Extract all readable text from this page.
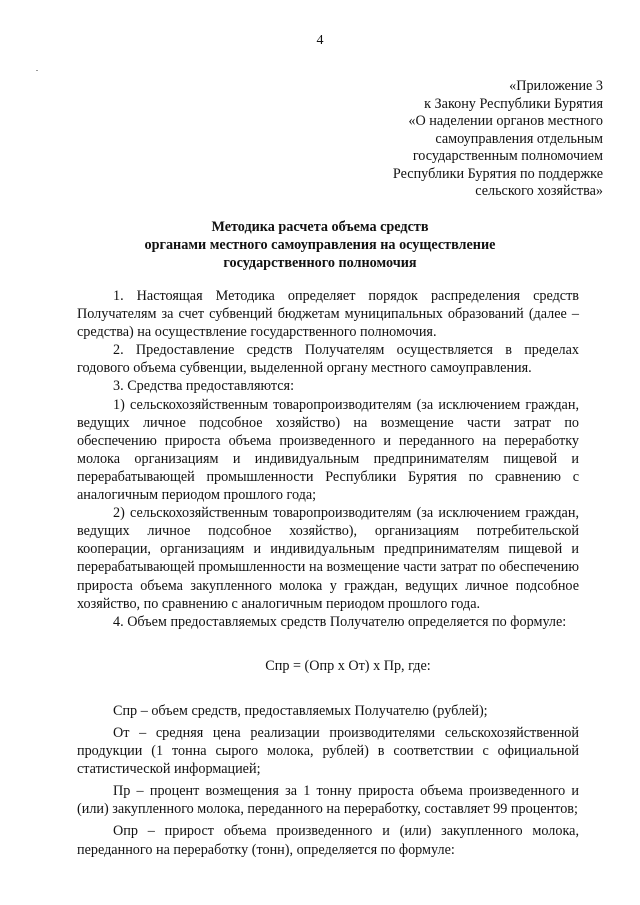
4
«Приложение 3
к Закону Республики Бурятия
«О наделении органов местного
самоуправления отдельным
государственным полномочием
Республики Бурятия по поддержке
сельского хозяйства»
Методика расчета объема средств
органами местного самоуправления на осуществление
государственного полномочия

1. Настоящая Методика определяет порядок распределения средств Получателям за счет субвенций бюджетам муниципальных образований (далее – средства) на осуществление государственного полномочия.

2. Предоставление средств Получателям осуществляется в пределах годового объема субвенции, выделенной органу местного самоуправления.

3. Средства предоставляются:

1) сельскохозяйственным товаропроизводителям (за исключением граждан, ведущих личное подсобное хозяйство) на возмещение части затрат по обеспечению прироста объема произведенного и переданного на переработку молока организациям и индивидуальным предпринимателям пищевой и перерабатывающей промышленности Республики Бурятия по сравнению с аналогичным периодом прошлого года;

2) сельскохозяйственным товаропроизводителям (за исключением граждан, ведущих личное подсобное хозяйство), организациям потребительской кооперации, организациям и индивидуальным предпринимателям пищевой и перерабатывающей промышленности на возмещение части затрат по обеспечению прироста объема закупленного молока у граждан, ведущих личное подсобное хозяйство, по сравнению с аналогичным периодом прошлого года.

4. Объем предоставляемых средств Получателю определяется по формуле:

Спр = (Опр х От) х Пр, где:

Спр – объем средств, предоставляемых Получателю (рублей);

От – средняя цена реализации производителями сельскохозяйственной продукции (1 тонна сырого молока, рублей) в соответствии с официальной статистической информацией;

Пр – процент возмещения за 1 тонну прироста объема произведенного и (или) закупленного молока, переданного на переработку, составляет 99 процентов;

Опр – прирост объема произведенного и (или) закупленного молока, переданного на переработку (тонн), определяется по формуле:
